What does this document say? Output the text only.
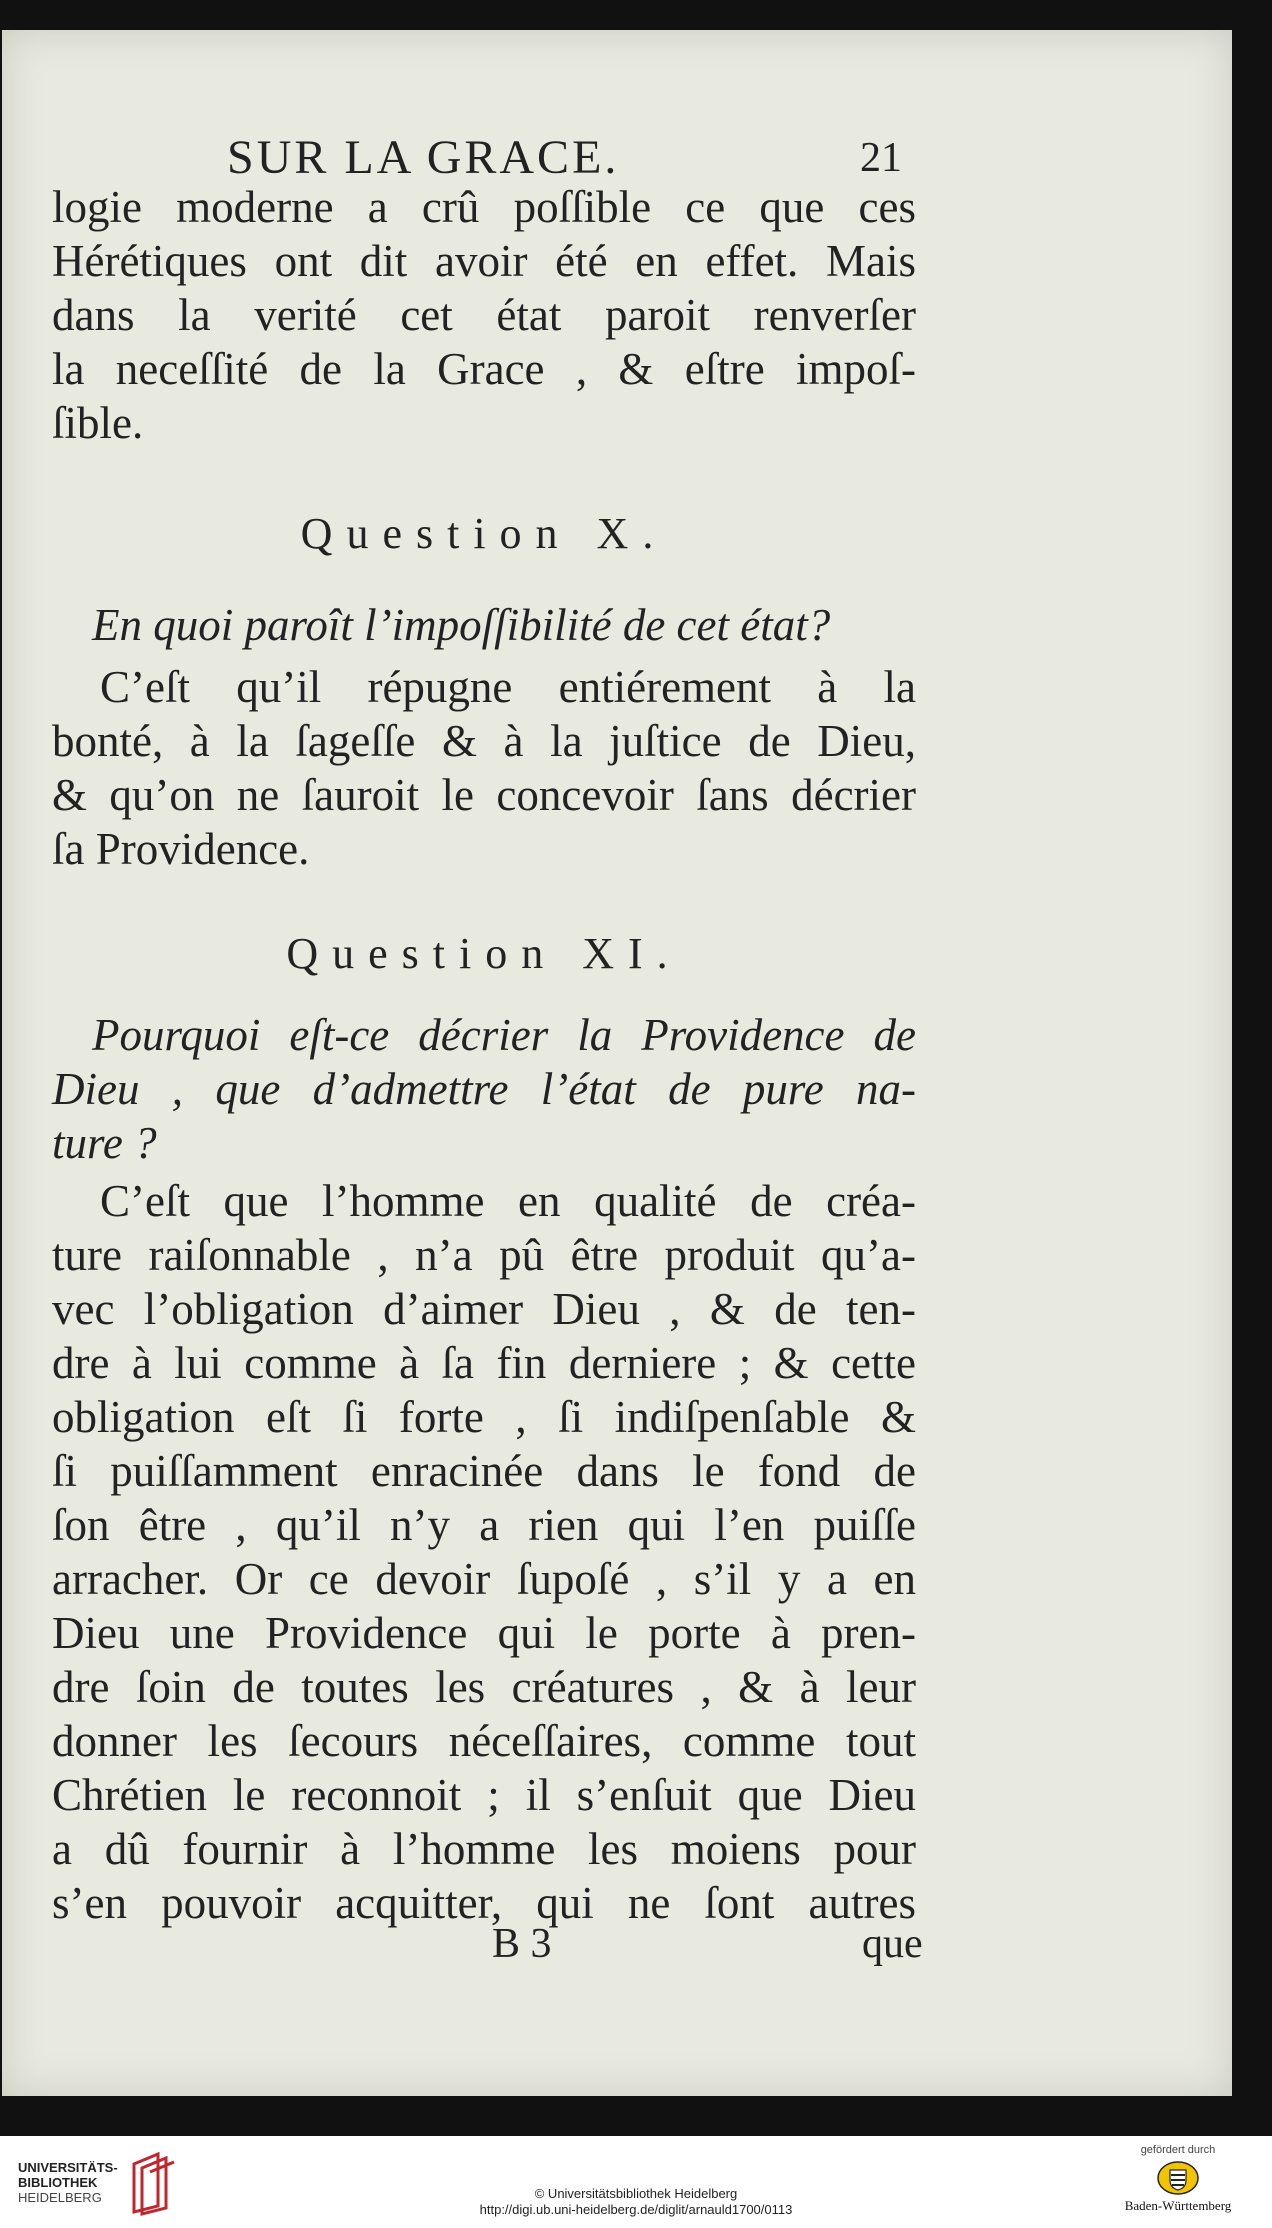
SUR LA GRACE.	21
logie moderne a crû poſſible ce que ces
Hérétiques ont dit avoir été en effet. Mais
dans la verité cet état paroit renverſer
la neceſſité de la Grace , & eſtre impoſ-
ſible.
Question X.
En quoi paroît l’impoſſibilité de cet état?
C’eſt qu’il répugne entiérement à la
bonté, à la ſageſſe & à la juſtice de Dieu,
& qu’on ne ſauroit le concevoir ſans décrier
ſa Providence.
Question XI.
Pourquoi eſt-ce décrier la Providence de
Dieu , que d’admettre l’état de pure na-
ture ?
C’eſt que l’homme en qualité de créa-
ture raiſonnable , n’a pû être produit qu’a-
vec l’obligation d’aimer Dieu , & de ten-
dre à lui comme à ſa fin derniere ; & cette
obligation eſt ſi forte , ſi indiſpenſable &
ſi puiſſamment enracinée dans le fond de
ſon être , qu’il n’y a rien qui l’en puiſſe
arracher. Or ce devoir ſupoſé , s’il y a en
Dieu une Providence qui le porte à pren-
dre ſoin de toutes les créatures , & à leur
donner les ſecours néceſſaires, comme tout
Chrétien le reconnoit ; il s’enſuit que Dieu
a dû fournir à l’homme les moiens pour
s’en pouvoir acquitter, qui ne ſont autres
B 3	que
UNIVERSITÄTS-
BIBLIOTHEK
HEIDELBERG	© Universitätsbibliothek Heidelberg
http://digi.ub.uni-heidelberg.de/diglit/arnauld1700/0113
gefördert durch
Baden-Württemberg
